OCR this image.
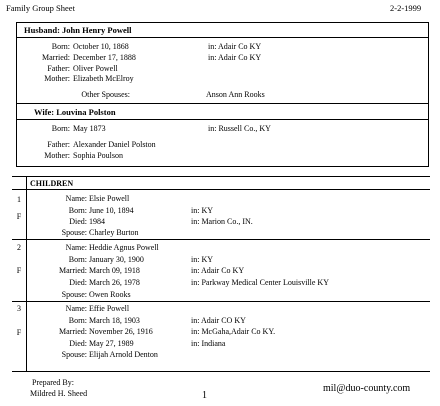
Family Group Sheet	2-2-1999
Husband: John Henry Powell
Born: October 10, 1868	in: Adair Co KY
Married: December 17, 1888	in: Adair Co KY
Father: Oliver Powell
Mother: Elizabeth McElroy
Other Spouses:	Anson Ann Rooks
Wife: Louvina Polston
Born: May 1873	in: Russell Co., KY
Father: Alexander Daniel Polston
Mother: Sophia Poulson
CHILDREN
1
F
Name: Elsie Powell
Born: June 10, 1894	in: KY
Died: 1984	in: Marion Co., IN.
Spouse: Charley Burton
2
F
Name: Heddie Agnus Powell
Born: January 30, 1900	in: KY
Married: March 09, 1918	in: Adair Co KY
Died: March 26, 1978	in: Parkway Medical Center Louisville KY
Spouse: Owen Rooks
3
F
Name: Effie Powell
Born: March 18, 1903	in: Adair CO KY
Married: November 26, 1916	in: McGaha,Adair Co KY.
Died: May 27, 1989	in: Indiana
Spouse: Elijah Arnold Denton
Prepared By:
Mildred H. Sheed	1
mil@duo-county.com
